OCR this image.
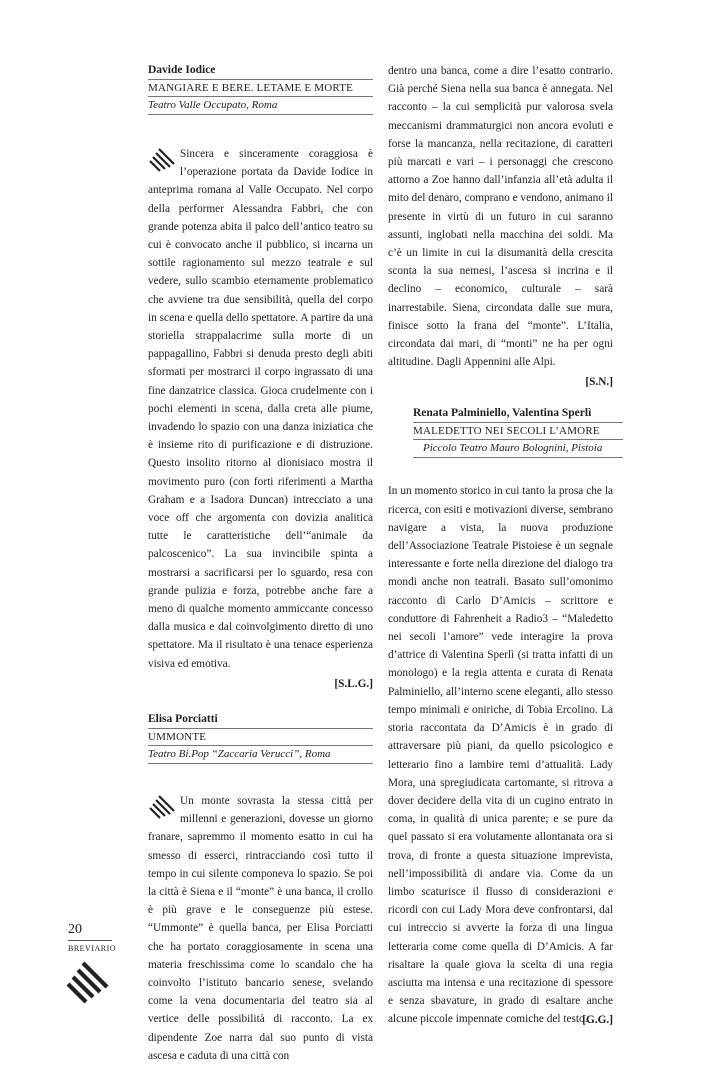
Davide Iodice
MANGIARE E BERE. LETAME E MORTE
Teatro Valle Occupato, Roma

Sincera e sinceramente coraggiosa è l’operazione portata da Davide Iodice in anteprima romana al Valle Occupato. Nel corpo della performer Alessandra Fabbri, che con grande potenza abita il palco dell’antico teatro su cui è convocato anche il pubblico, si incarna un sottile ragionamento sul mezzo teatrale e sul vedere, sullo scambio eternamente problematico che avviene tra due sensibilità, quella del corpo in scena e quella dello spettatore. A partire da una storiella strappalacrime sulla morte di un pappagallino, Fabbri si denuda presto degli abiti sformati per mostrarci il corpo ingrassato di una fine danzatrice classica. Gioca crudelmente con i pochi elementi in scena, dalla creta alle piume, invadendo lo spazio con una danza iniziatica che è insieme rito di purificazione e di distruzione. Questo insolito ritorno al dionisiaco mostra il movimento puro (con forti riferimenti a Martha Graham e a Isadora Duncan) intrecciato a una voce off che argomenta con dovizia analitica tutte le caratteristiche dell’“animale da palcoscenico”. La sua invincibile spinta a mostrarsi a sacrificarsi per lo sguardo, resa con grande pulizia e forza, potrebbe anche fare a meno di qualche momento ammiccante concesso dalla musica e dal coinvolgimento diretto di uno spettatore. Ma il risultato è una tenace esperienza visiva ed emotiva.

[S.L.G.]
Elisa Porciatti
UMMONTE
Teatro Bi.Pop “Zaccaria Verucci”, Roma

Un monte sovrasta la stessa città per millenni e generazioni, dovesse un giorno franare, sapremmo il momento esatto in cui ha smesso di esserci, rintracciando così tutto il tempo in cui silente componeva lo spazio. Se poi la città è Siena e il “monte” è una banca, il crollo è più grave e le conseguenze più estese. “Ummonte” è quella banca, per Elisa Porciatti che ha portato coraggiosamente in scena una materia freschissima come lo scandalo che ha coinvolto l’istituto bancario senese, svelando come la vena documentaria del teatro sia al vertice delle possibilità di racconto. La ex dipendente Zoe narra dal suo punto di vista ascesa e caduta di una città con

dentro una banca, come a dire l’esatto contrario. Già perché Siena nella sua banca è annegata. Nel racconto – la cui semplicità pur valorosa svela meccanismi drammaturgici non ancora evoluti e forse la mancanza, nella recitazione, di caratteri più marcati e vari – i personaggi che crescono attorno a Zoe hanno dall’infanzia all’età adulta il mito del denaro, comprano e vendono, animano il presente in virtù di un futuro in cui saranno assunti, inglobati nella macchina dei soldi. Ma c’è un limite in cui la disumanità della crescita sconta la sua nemesi, l’ascesa si incrina e il declino – economico, culturale – sarà inarrestabile. Siena, circondata dalle sue mura, finisce sotto la frana del “monte”. L’Italia, circondata dai mari, di “monti” ne ha per ogni altitudine. Dagli Appennini alle Alpi.

[S.N.]
Renata Palminiello, Valentina Sperlì
MALEDETTO NEI SECOLI L’AMORE
Piccolo Teatro Mauro Bolognini, Pistoia

In un momento storico in cui tanto la prosa che la ricerca, con esiti e motivazioni diverse, sembrano navigare a vista, la nuova produzione dell’Associazione Teatrale Pistoiese è un segnale interessante e forte nella direzione del dialogo tra mondi anche non teatrali. Basato sull’omonimo racconto di Carlo D’Amicis – scrittore e conduttore di Fahrenheit a Radio3 – “Maledetto nei secoli l’amore” vede interagire la prova d’attrice di Valentina Sperlì (si tratta infatti di un monologo) e la regia attenta e curata di Renata Palminiello, all’interno scene eleganti, allo stesso tempo minimali e oniriche, di Tobia Ercolino. La storia raccontata da D’Amicis è in grado di attraversare più piani, da quello psicologico e letterario fino a lambire temi d’attualità. Lady Mora, una spregiudicata cartomante, si ritrova a dover decidere della vita di un cugino entrato in coma, in qualità di unica parente; e se pure da quel passato si era volutamente allontanata ora si trova, di fronte a questa situazione imprevista, nell’impossibilità di andare via. Come da un limbo scaturisce il flusso di considerazioni e ricordi con cui Lady Mora deve confrontarsi, dal cui intreccio si avverte la forza di una lingua letteraria come come quella di D’Amicis. A far risaltare la quale giova la scelta di una regia asciutta ma intensa e una recitazione di spessore e senza sbavature, in grado di esaltare anche alcune piccole impennate comiche del testo.

[G.G.]
20
BREVIARIO
